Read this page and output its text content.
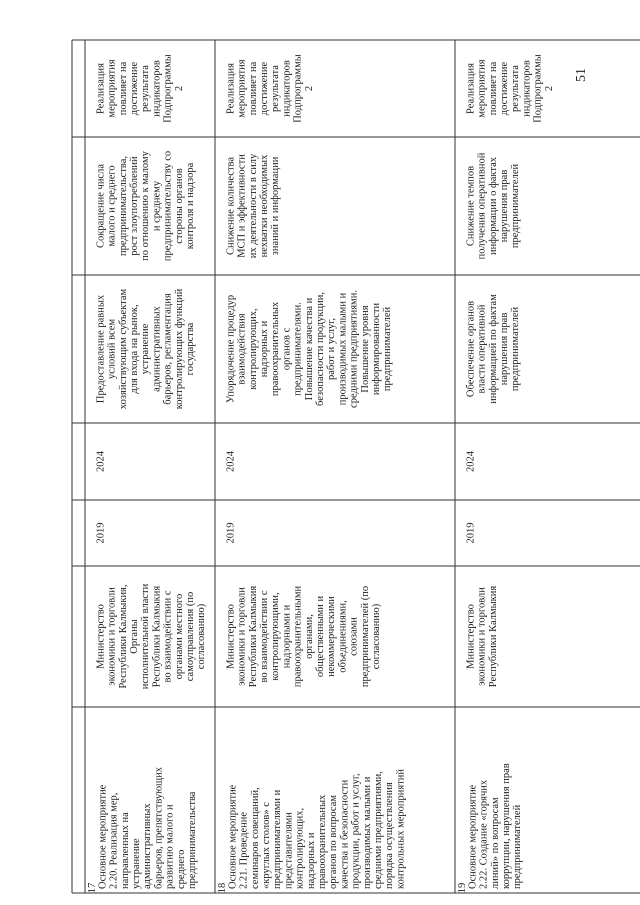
17
Реализация мероприятия повлияет на достижение результата индикаторов Подпрограммы 2
Сокращение числа малого и среднего предпринимательства, рост злоупотреблений по отношению к малому и среднему предпринимательству со стороны органов контроля и надзора
Предоставление равных условий всем хозяйствующим субъектам для входа на рынок, устранение административных барьеров, регламентация контролирующих функций государства
2024
2019
Министерство экономики и торговли Республики Калмыкия, Органы исполнительной власти Республики Калмыкия во взаимодействии с органами местного самоуправления (по согласованию)
Основное мероприятие 2.20. Реализация мер, направленных на устранение административных барьеров, препятствующих развитию малого и среднего предпринимательства 18
Реализация мероприятия повлияет на достижение результата индикаторов Подпрограммы 2
Снижение количества МСП и эффективности их деятельности в силу нехватки необходимых знаний и информации
Упорядочение процедур взаимодействия контролирующих, надзорных и правоохранительных органов с предпринимателями. Повышение качества и безопасности продукции, работ и услуг, производимых малыми и средними предприятиями. Повышение уровня информированности предпринимателей
2024
2019
Министерство экономики и торговли Республики Калмыкия во взаимодействии с контролирующими, надзорными и правоохранительными органами, общественными и некоммерческими объединениями, союзами предпринимателей (по согласованию)
Основное мероприятие 2.21. Проведение семинаров совещаний, «круглых столов» с предпринимателями и представителями контролирующих, надзорных и правоохранительных органов по вопросам качества и безопасности продукции, работ и услуг, производимых малыми и средними предприятиями, порядка осуществления контрольных мероприятий	19
Реализация мероприятия повлияет на достижение результата индикаторов Подпрограммы 2
Снижение темпов получения оперативной информации о фактах нарушения прав предпринимателей
Обеспечение органов власти оперативной информацией по фактам нарушения прав предпринимателей
2024
2019
Министерство экономики и торговли Республики Калмыкия
Основное мероприятие 2.22. Создание «горячих линий» по вопросам коррупции, нарушения прав предпринимателей
51
